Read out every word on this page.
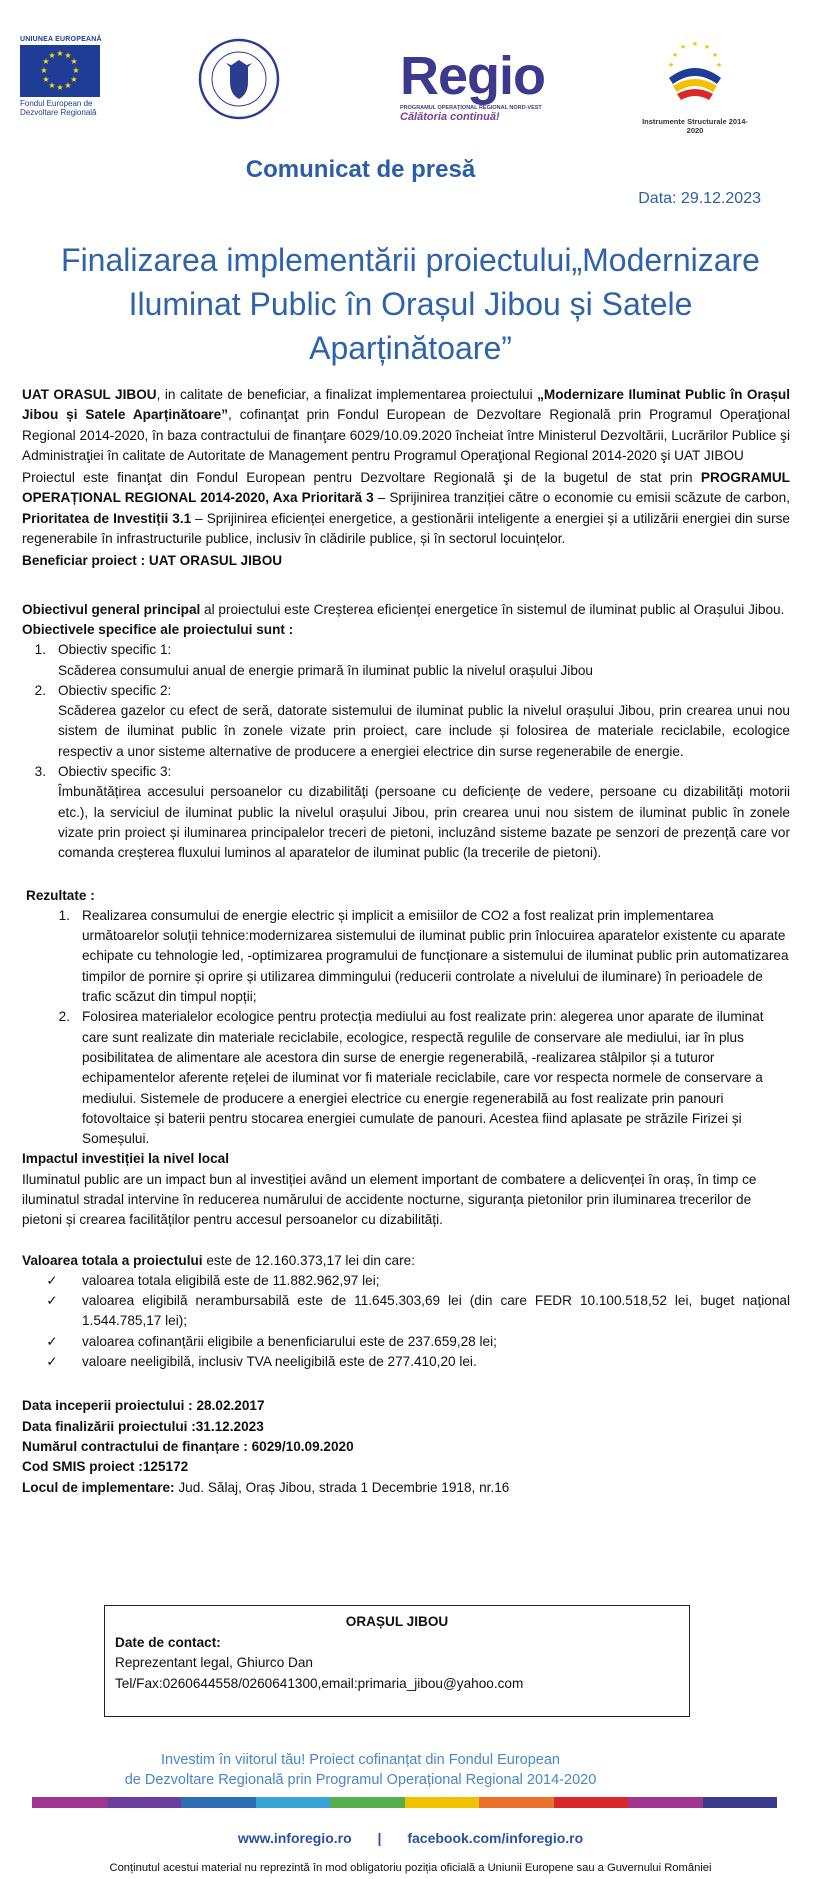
UNIUNEA EUROPEANĂ
★ ★
★
★
★
★
★
★
★
★
★
★
Fondul European de Dezvoltare Regională
Regio
PROGRAMUL OPERAȚIONAL REGIONAL NORD-VEST
Călătoria continuă!
★ ★
★
★
★
★
★
Instrumente Structurale 2014-2020
Comunicat de presă
Data: 29.12.2023
Finalizarea implementării proiectului„Modernizare Iluminat Public în Orașul Jibou și Satele Aparținătoare”

UAT ORASUL JIBOU, in calitate de beneficiar, a finalizat implementarea proiectului „Modernizare Iluminat Public în Orașul Jibou și Satele Aparținătoare”, cofinanţat prin Fondul European de Dezvoltare Regională prin Programul Operaţional Regional 2014-2020, în baza contractului de finanţare 6029/10.09.2020 încheiat între Ministerul Dezvoltării, Lucrărilor Publice şi Administraţiei în calitate de Autoritate de Management pentru Programul Operaţional Regional 2014-2020 şi UAT JIBOU

Proiectul este finanţat din Fondul European pentru Dezvoltare Regională şi de la bugetul de stat prin PROGRAMUL OPERAȚIONAL REGIONAL 2014-2020, Axa Prioritară 3 – Sprijinirea tranziției către o economie cu emisii scăzute de carbon, Prioritatea de Investiții 3.1 – Sprijinirea eficienței energetice, a gestionării inteligente a energiei și a utilizării energiei din surse regenerabile în infrastructurile publice, inclusiv în clădirile publice, și în sectorul locuințelor.

Beneficiar proiect : UAT ORASUL JIBOU

Obiectivul general principal al proiectului este Creșterea eficienței energetice în sistemul de iluminat public al Orașului Jibou.

Obiectivele specifice ale proiectului sunt :

1. Obiectiv specific 1:
Scăderea consumului anual de energie primară în iluminat public la nivelul orașului Jibou
2. Obiectiv specific 2:
Scăderea gazelor cu efect de seră, datorate sistemului de iluminat public la nivelul orașului Jibou, prin crearea unui nou sistem de iluminat public în zonele vizate prin proiect, care include și folosirea de materiale reciclabile, ecologice respectiv a unor sisteme alternative de producere a energiei electrice din surse regenerabile de energie.
3. Obiectiv specific 3:
Îmbunătățirea accesului persoanelor cu dizabilități (persoane cu deficiențe de vedere, persoane cu dizabilități motorii etc.), la serviciul de iluminat public la nivelul orașului Jibou, prin crearea unui nou sistem de iluminat public în zonele vizate prin proiect și iluminarea principalelor treceri de pietoni, incluzând sisteme bazate pe senzori de prezență care vor comanda creșterea fluxului luminos al aparatelor de iluminat public (la trecerile de pietoni).

Rezultate :

1. Realizarea consumului de energie electric și implicit a emisiilor de CO2 a fost realizat prin implementarea următoarelor soluții tehnice:modernizarea sistemului de iluminat public prin înlocuirea aparatelor existente cu aparate echipate cu tehnologie led, -optimizarea programului de funcționare a sistemului de iluminat public prin automatizarea timpilor de pornire și oprire și utilizarea dimmingului (reducerii controlate a nivelului de iluminare) în perioadele de trafic scăzut din timpul nopții;
2. Folosirea materialelor ecologice pentru protecția mediului au fost realizate prin: alegerea unor aparate de iluminat care sunt realizate din materiale reciclabile, ecologice, respectă regulile de conservare ale mediului, iar în plus posibilitatea de alimentare ale acestora din surse de energie regenerabilă, -realizarea stâlpilor și a tuturor echipamentelor aferente rețelei de iluminat vor fi materiale reciclabile, care vor respecta normele de conservare a mediului. Sistemele de producere a energiei electrice cu energie regenerabilă au fost realizate prin panouri fotovoltaice și baterii pentru stocarea energiei cumulate de panouri. Acestea fiind aplasate pe străzile Firizei și Someșului.

Impactul investiției la nivel local

Iluminatul public are un impact bun al investiției având un element important de combatere a delicvenței în oraș, în timp ce iluminatul stradal intervine în reducerea numărului de accidente nocturne, siguranța pietonilor prin iluminarea trecerilor de pietoni și crearea facilităților pentru accesul persoanelor cu dizabilități.

Valoarea totala a proiectului este de 12.160.373,17 lei din care:

✓	valoarea totala eligibilă este de 11.882.962,97 lei;
✓	valoarea eligibilă nerambursabilă este de 11.645.303,69 lei (din care FEDR 10.100.518,52 lei, buget național 1.544.785,17 lei);
✓	valoarea cofinanțării eligibile a benenficiarului este de 237.659,28 lei;
✓	valoare neeligibilă, inclusiv TVA neeligibilă este de 277.410,20 lei.

Data inceperii proiectului : 28.02.2017

Data finalizării proiectului :31.12.2023

Numărul contractului de finanțare : 6029/10.09.2020

Cod SMIS proiect :125172

Locul de implementare: Jud. Sălaj, Oraș Jibou, strada 1 Decembrie 1918, nr.16

ORAȘUL JIBOU
Date de contact:
Reprezentant legal, Ghiurco Dan
Tel/Fax:0260644558/0260641300,email:primaria_jibou@yahoo.com
Investim în viitorul tău! Proiect cofinanțat din Fondul European
de Dezvoltare Regională prin Programul Operațional Regional 2014-2020
www.inforegio.ro | facebook.com/inforegio.ro
Conținutul acestui material nu reprezintă în mod obligatoriu poziția oficială a Uniunii Europene sau a Guvernului României
